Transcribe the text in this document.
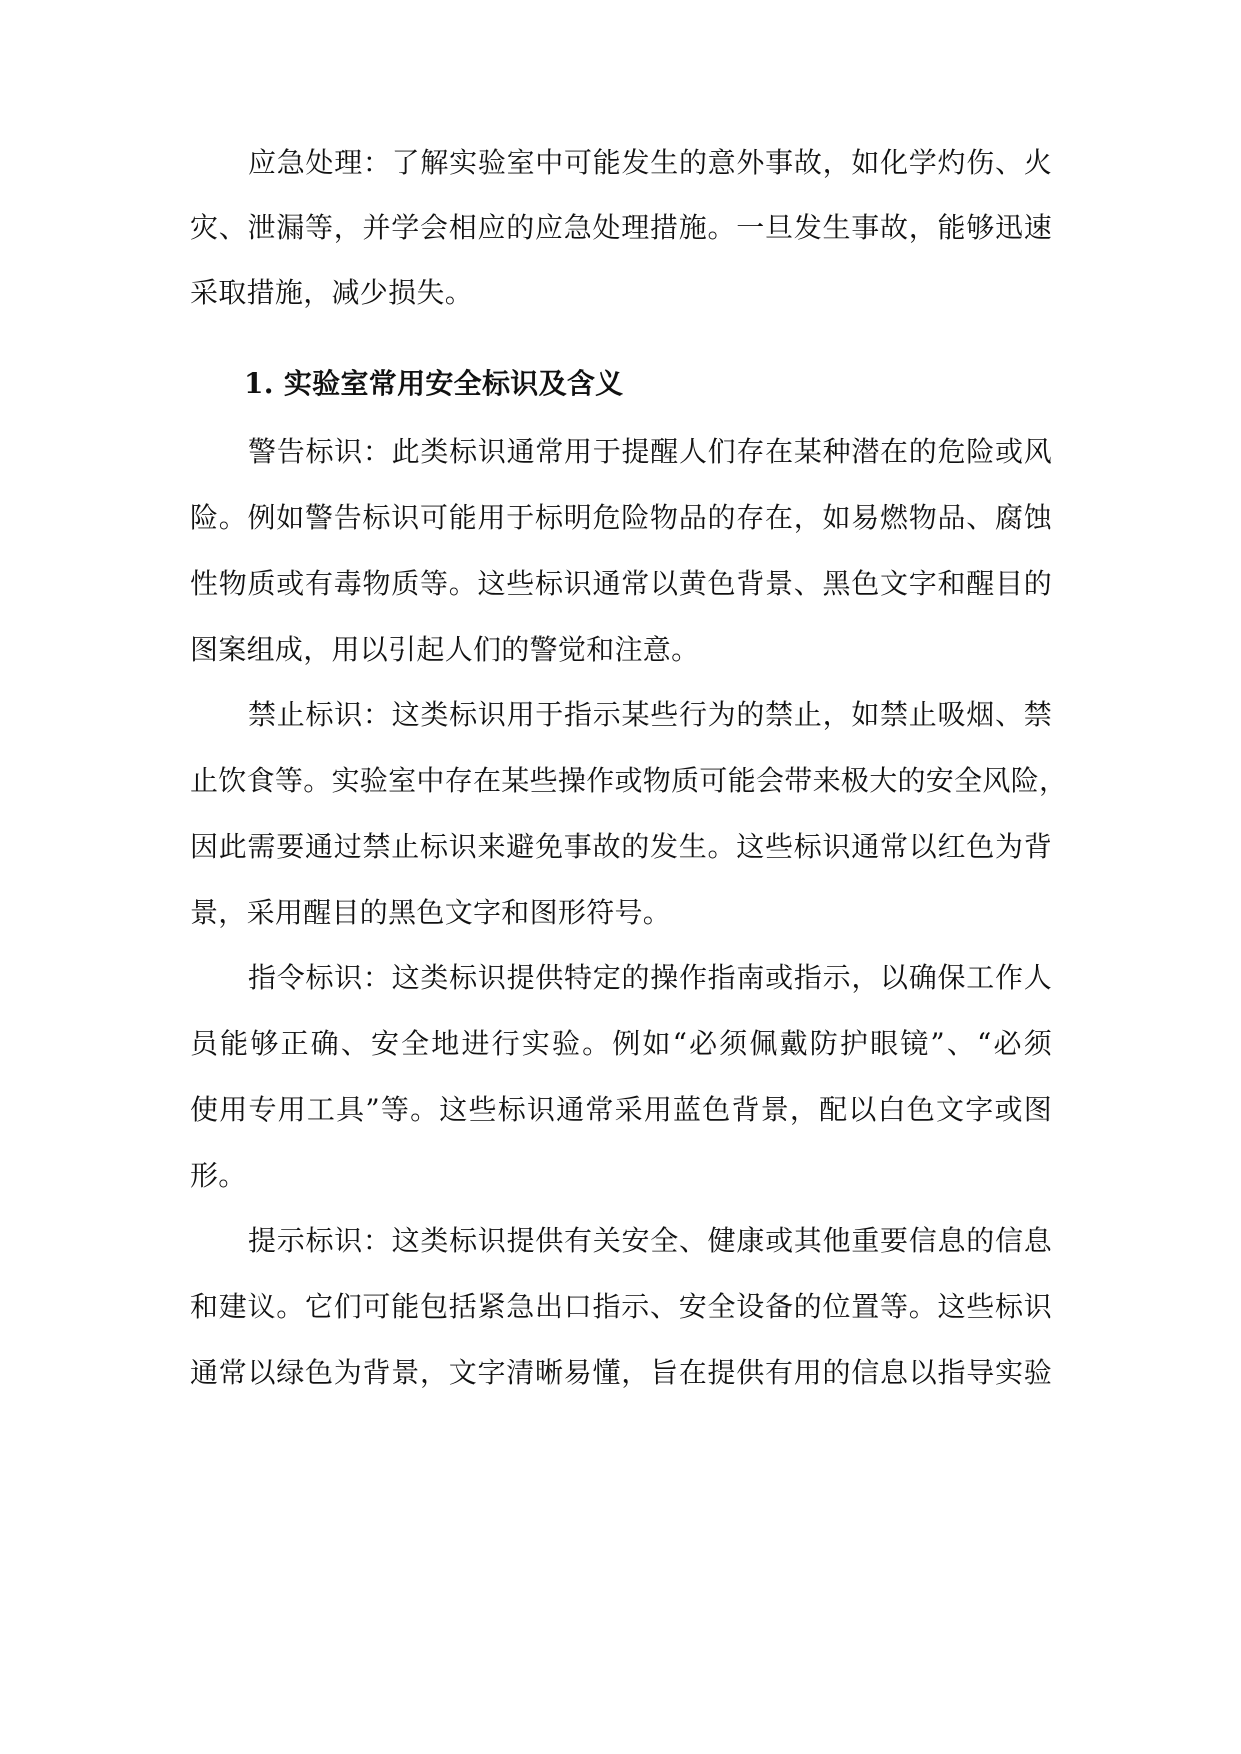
应急处理：了解实验室中可能发生的意外事故，如化学灼伤、火
灾、泄漏等，并学会相应的应急处理措施。一旦发生事故，能够迅速
采取措施，减少损失。
1. 实验室常用安全标识及含义
警告标识：此类标识通常用于提醒人们存在某种潜在的危险或风
险。例如警告标识可能用于标明危险物品的存在，如易燃物品、腐蚀
性物质或有毒物质等。这些标识通常以黄色背景、黑色文字和醒目的
图案组成，用以引起人们的警觉和注意。
禁止标识：这类标识用于指示某些行为的禁止，如禁止吸烟、禁
止饮食等。实验室中存在某些操作或物质可能会带来极大的安全风险，
因此需要通过禁止标识来避免事故的发生。这些标识通常以红色为背
景，采用醒目的黑色文字和图形符号。
指令标识：这类标识提供特定的操作指南或指示，以确保工作人
员能够正确、安全地进行实验。例如“必须佩戴防护眼镜”、“必须
使用专用工具”等。这些标识通常采用蓝色背景，配以白色文字或图
形。
提示标识：这类标识提供有关安全、健康或其他重要信息的信息
和建议。它们可能包括紧急出口指示、安全设备的位置等。这些标识
通常以绿色为背景，文字清晰易懂，旨在提供有用的信息以指导实验
